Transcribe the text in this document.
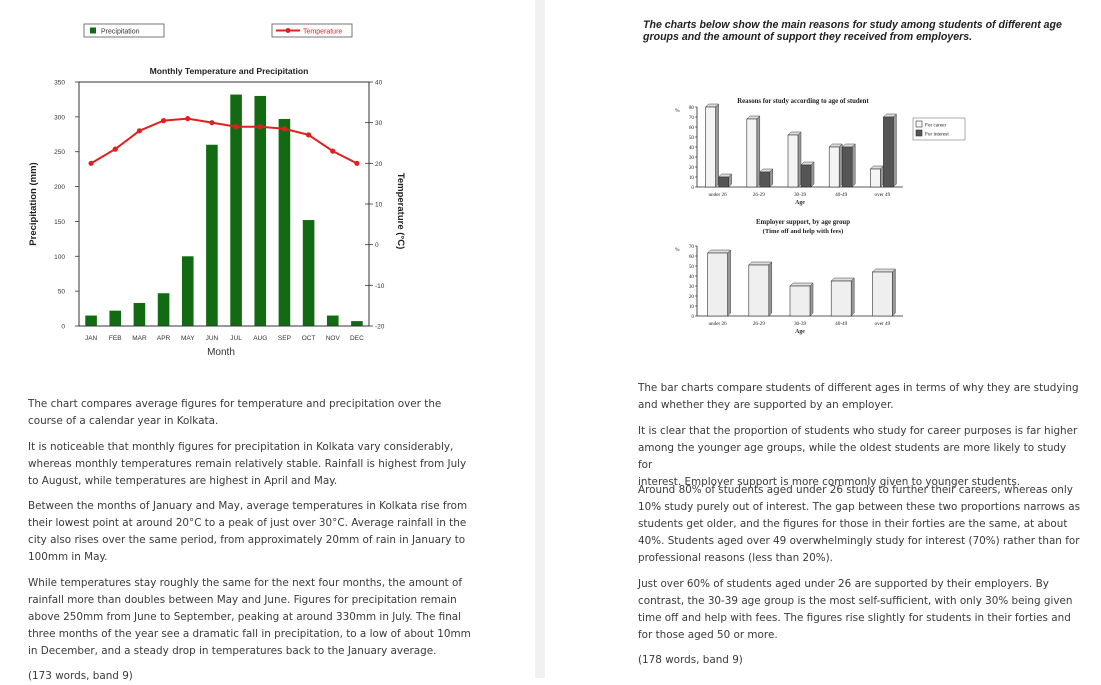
Precipitation	Temperature
Monthly Temperature and Precipitation
0
50
100
150
200
250
300
350
-20
-10
0
10
20
30
40
JAN FEB MAR APR MAY JUN JUL AUG SEP OCT NOV DEC
Month
Precipitation (mm)	Temperature (°C)
The chart compares average figures for temperature and precipitation over the
course of a calendar year in Kolkata.
It is noticeable that monthly figures for precipitation in Kolkata vary considerably,
whereas monthly temperatures remain relatively stable. Rainfall is highest from July
to August, while temperatures are highest in April and May.
Between the months of January and May, average temperatures in Kolkata rise from
their lowest point at around 20°C to a peak of just over 30°C. Average rainfall in the
city also rises over the same period, from approximately 20mm of rain in January to
100mm in May.
While temperatures stay roughly the same for the next four months, the amount of
rainfall more than doubles between May and June. Figures for precipitation remain
above 250mm from June to September, peaking at around 330mm in July. The final
three months of the year see a dramatic fall in precipitation, to a low of about 10mm
in December, and a steady drop in temperatures back to the January average.
(173 words, band 9)
The charts below show the main reasons for study among students of different age
groups and the amount of support they received from employers.
Reasons for study according to age of student
%
0
10
20
30
40
50
60
70
80
under 26	26-29	30-39	40-49	over 49
Age
For career
For interest
Employer support, by age group
(Time off and help with fees)
%
0
10
20
30
40
50
60
70
under 26	26-29	30-39	40-49	over 49
Age
The bar charts compare students of different ages in terms of why they are studying
and whether they are supported by an employer.
It is clear that the proportion of students who study for career purposes is far higher
among the younger age groups, while the oldest students are more likely to study for
interest. Employer support is more commonly given to younger students.
Around 80% of students aged under 26 study to further their careers, whereas only
10% study purely out of interest. The gap between these two proportions narrows as
students get older, and the figures for those in their forties are the same, at about
40%. Students aged over 49 overwhelmingly study for interest (70%) rather than for
professional reasons (less than 20%).
Just over 60% of students aged under 26 are supported by their employers. By
contrast, the 30-39 age group is the most self-sufficient, with only 30% being given
time off and help with fees. The figures rise slightly for students in their forties and
for those aged 50 or more.
(178 words, band 9)
